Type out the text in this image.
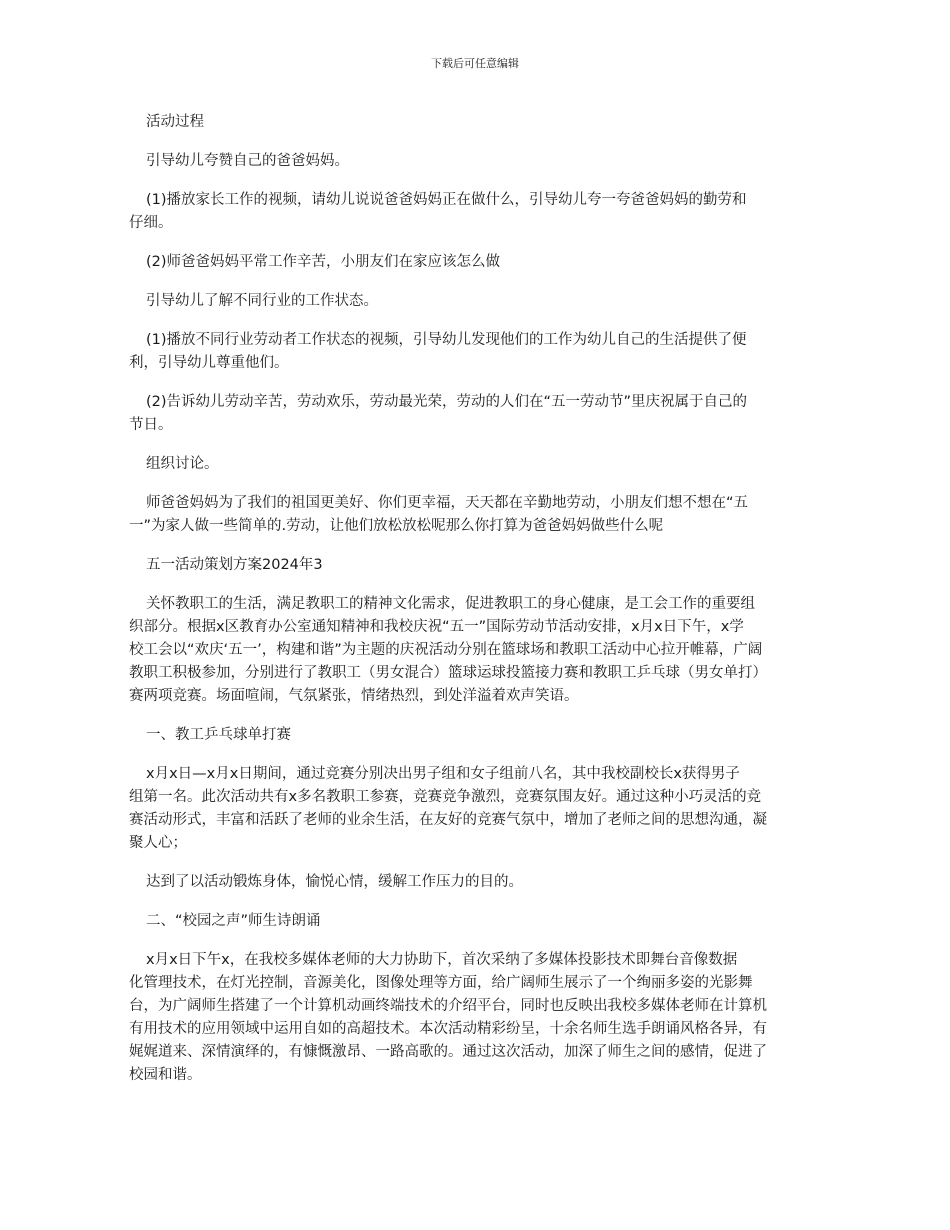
下载后可任意编辑

活动过程

引导幼儿夸赞自己的爸爸妈妈。

(1)播放家长工作的视频，请幼儿说说爸爸妈妈正在做什么，引导幼儿夸一夸爸爸妈妈的勤劳和
仔细。

(2)师爸爸妈妈平常工作辛苦，小朋友们在家应该怎么做

引导幼儿了解不同行业的工作状态。

(1)播放不同行业劳动者工作状态的视频，引导幼儿发现他们的工作为幼儿自己的生活提供了便
利，引导幼儿尊重他们。

(2)告诉幼儿劳动辛苦，劳动欢乐，劳动最光荣，劳动的人们在“五一劳动节”里庆祝属于自己的
节日。

组织讨论。

师爸爸妈妈为了我们的祖国更美好、你们更幸福，天天都在辛勤地劳动，小朋友们想不想在“五
一”为家人做一些简单的.劳动，让他们放松放松呢那么你打算为爸爸妈妈做些什么呢

五一活动策划方案2024年3

关怀教职工的生活，满足教职工的精神文化需求，促进教职工的身心健康，是工会工作的重要组
织部分。根据x区教育办公室通知精神和我校庆祝“五一”国际劳动节活动安排，x月x日下午，x学
校工会以“欢庆‘五一’，构建和谐”为主题的庆祝活动分别在篮球场和教职工活动中心拉开帷幕，广阔
教职工积极参加，分别进行了教职工（男女混合）篮球运球投篮接力赛和教职工乒乓球（男女单打）
赛两项竞赛。场面喧闹，气氛紧张，情绪热烈，到处洋溢着欢声笑语。

一、教工乒乓球单打赛

x月x日—x月x日期间，通过竞赛分别决出男子组和女子组前八名，其中我校副校长x获得男子
组第一名。此次活动共有x多名教职工参赛，竞赛竞争激烈，竞赛氛围友好。通过这种小巧灵活的竞
赛活动形式，丰富和活跃了老师的业余生活，在友好的竞赛气氛中，增加了老师之间的思想沟通，凝
聚人心；

达到了以活动锻炼身体，愉悦心情，缓解工作压力的目的。

二、“校园之声”师生诗朗诵

x月x日下午x，在我校多媒体老师的大力协助下，首次采纳了多媒体投影技术即舞台音像数据
化管理技术，在灯光控制，音源美化，图像处理等方面，给广阔师生展示了一个绚丽多姿的光影舞
台，为广阔师生搭建了一个计算机动画终端技术的介绍平台，同时也反映出我校多媒体老师在计算机
有用技术的应用领域中运用自如的高超技术。本次活动精彩纷呈，十余名师生选手朗诵风格各异，有
娓娓道来、深情演绎的，有慷慨激昂、一路高歌的。通过这次活动，加深了师生之间的感情，促进了
校园和谐。
